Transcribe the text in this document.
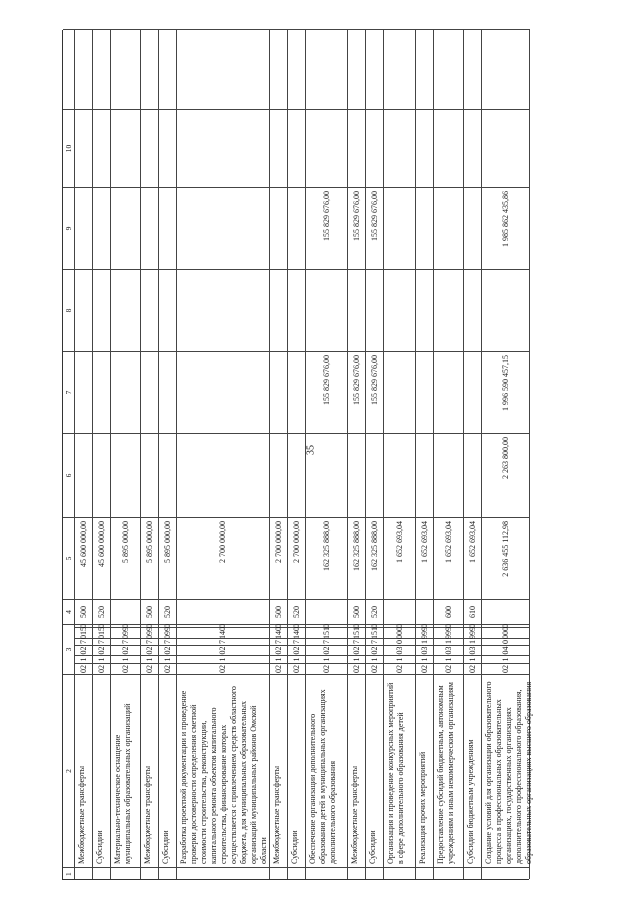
35
1
2
3
4
5
6
7
8
9
10
Межбюджетные трансферты
02
1
02
7
015
0
500
45 600 000,00
Субсидии
02
1
02
7
015
0
520
45 600 000,00
Материально-техническое оснащение муниципальных образовательных организаций
02
1
02
7
099
0
5 895 000,00
Межбюджетные трансферты
02
1
02
7
099
0
500
5 895 000,00
Субсидии
02
1
02
7
099
0
520
5 895 000,00
Разработка проектной документации и проведение проверки достоверности определения сметной стоимости строительства, реконструкции, капитального ремонта объектов капитального строительства, финансирование которых осуществляется с привлечением средств областного бюджета, для муниципальных образовательных организаций муниципальных районов Омской области
02
1
02
7
140
0
2 700 000,00
Межбюджетные трансферты
02
1
02
7
140
0
500
2 700 000,00
Субсидии
02
1
02
7
140
0
520
2 700 000,00
Обеспечение организации дополнительного образования детей в муниципальных организациях дополнительного образования
02
1
02
7
151
0
162 325 888,00
155 829 676,00
155 829 676,00
Межбюджетные трансферты
02
1
02
7
151
0
500
162 325 888,00
155 829 676,00
155 829 676,00
Субсидии
02
1
02
7
151
0
520
162 325 888,00
155 829 676,00
155 829 676,00
Организация и проведение конкурсных мероприятий в сфере дополнительного образования детей
02
1
03
0
000
0
1 652 693,04
Реализация прочих мероприятий
02
1
03
1
999
0
1 652 693,04
Предоставление субсидий бюджетным, автономным учреждениям и иным некоммерческим организациям
02
1
03
1
999
0
600
1 652 693,04
Субсидии бюджетным учреждениям
02
1
03
1
999
0
610
1 652 693,04
Создание условий для организации образовательного процесса в профессиональных образовательных организациях, государственных организациях дополнительного профессионального образования, образовательных организациях высшего образования
02
1
04
0
000
0
2 636 455 112,98
2 263 800,00
1 996 590 457,15
1 985 862 435,86
